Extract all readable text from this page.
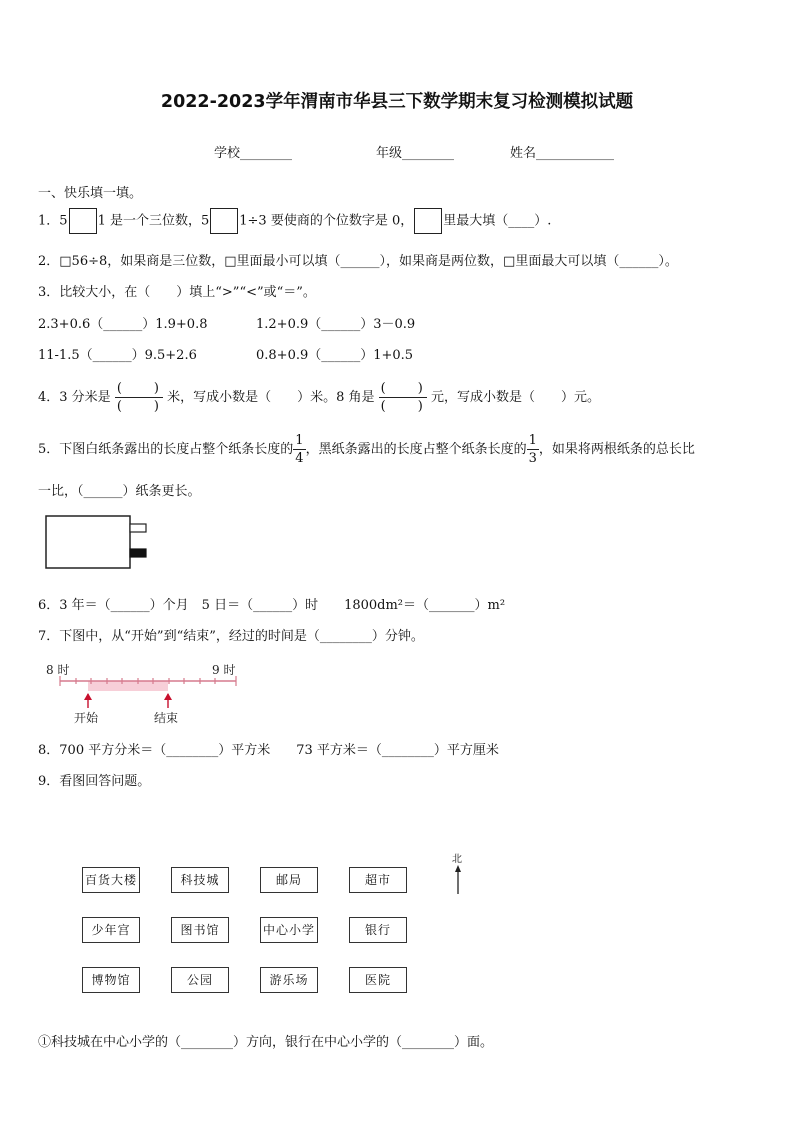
2022-2023学年渭南市华县三下数学期末复习检测模拟试题
学校________	年级________	姓名____________
一、快乐填一填。
1．5 1 是一个三位数，5 1÷3 要使商的个位数字是 0， 里最大填（____）.
2．□56÷8，如果商是三位数，□里面最小可以填（______），如果商是两位数，□里面最大可以填（______）。
3．比较大小，在（　　）填上“>”“<”或“＝”。
2.3+0.6（______）1.9+0.8	1.2+0.9（______）3－0.9
11-1.5（______）9.5+2.6	0.8+0.9（______）1+0.5
4．3 分米是 $\frac{( )}{( )}$ 米，写成小数是（　　）米。8 角是 $\frac{( )}{( )}$ 元，写成小数是（　　）元。
5．下图白纸条露出的长度占整个纸条长度的 $\frac{1}{4}$ ，黑纸条露出的长度占整个纸条长度的 $\frac{1}{3}$ ，如果将两根纸条的总长比
一比，（______）纸条更长。
6．3 年＝（______）个月　5 日＝（______）时　　1800dm²＝（_______）m²
7．下图中，从“开始”到“结束”，经过的时间是（________）分钟。
8 时	9 时
开始	结束
8．700 平方分米＝（________）平方米　　73 平方米＝（________）平方厘米
9．看图回答问题。
百货大楼	科技城	邮局	超市
少年宫	图书馆	中心小学	银行
博物馆	公园	游乐场	医院
北
①科技城在中心小学的（________）方向，银行在中心小学的（________）面。
